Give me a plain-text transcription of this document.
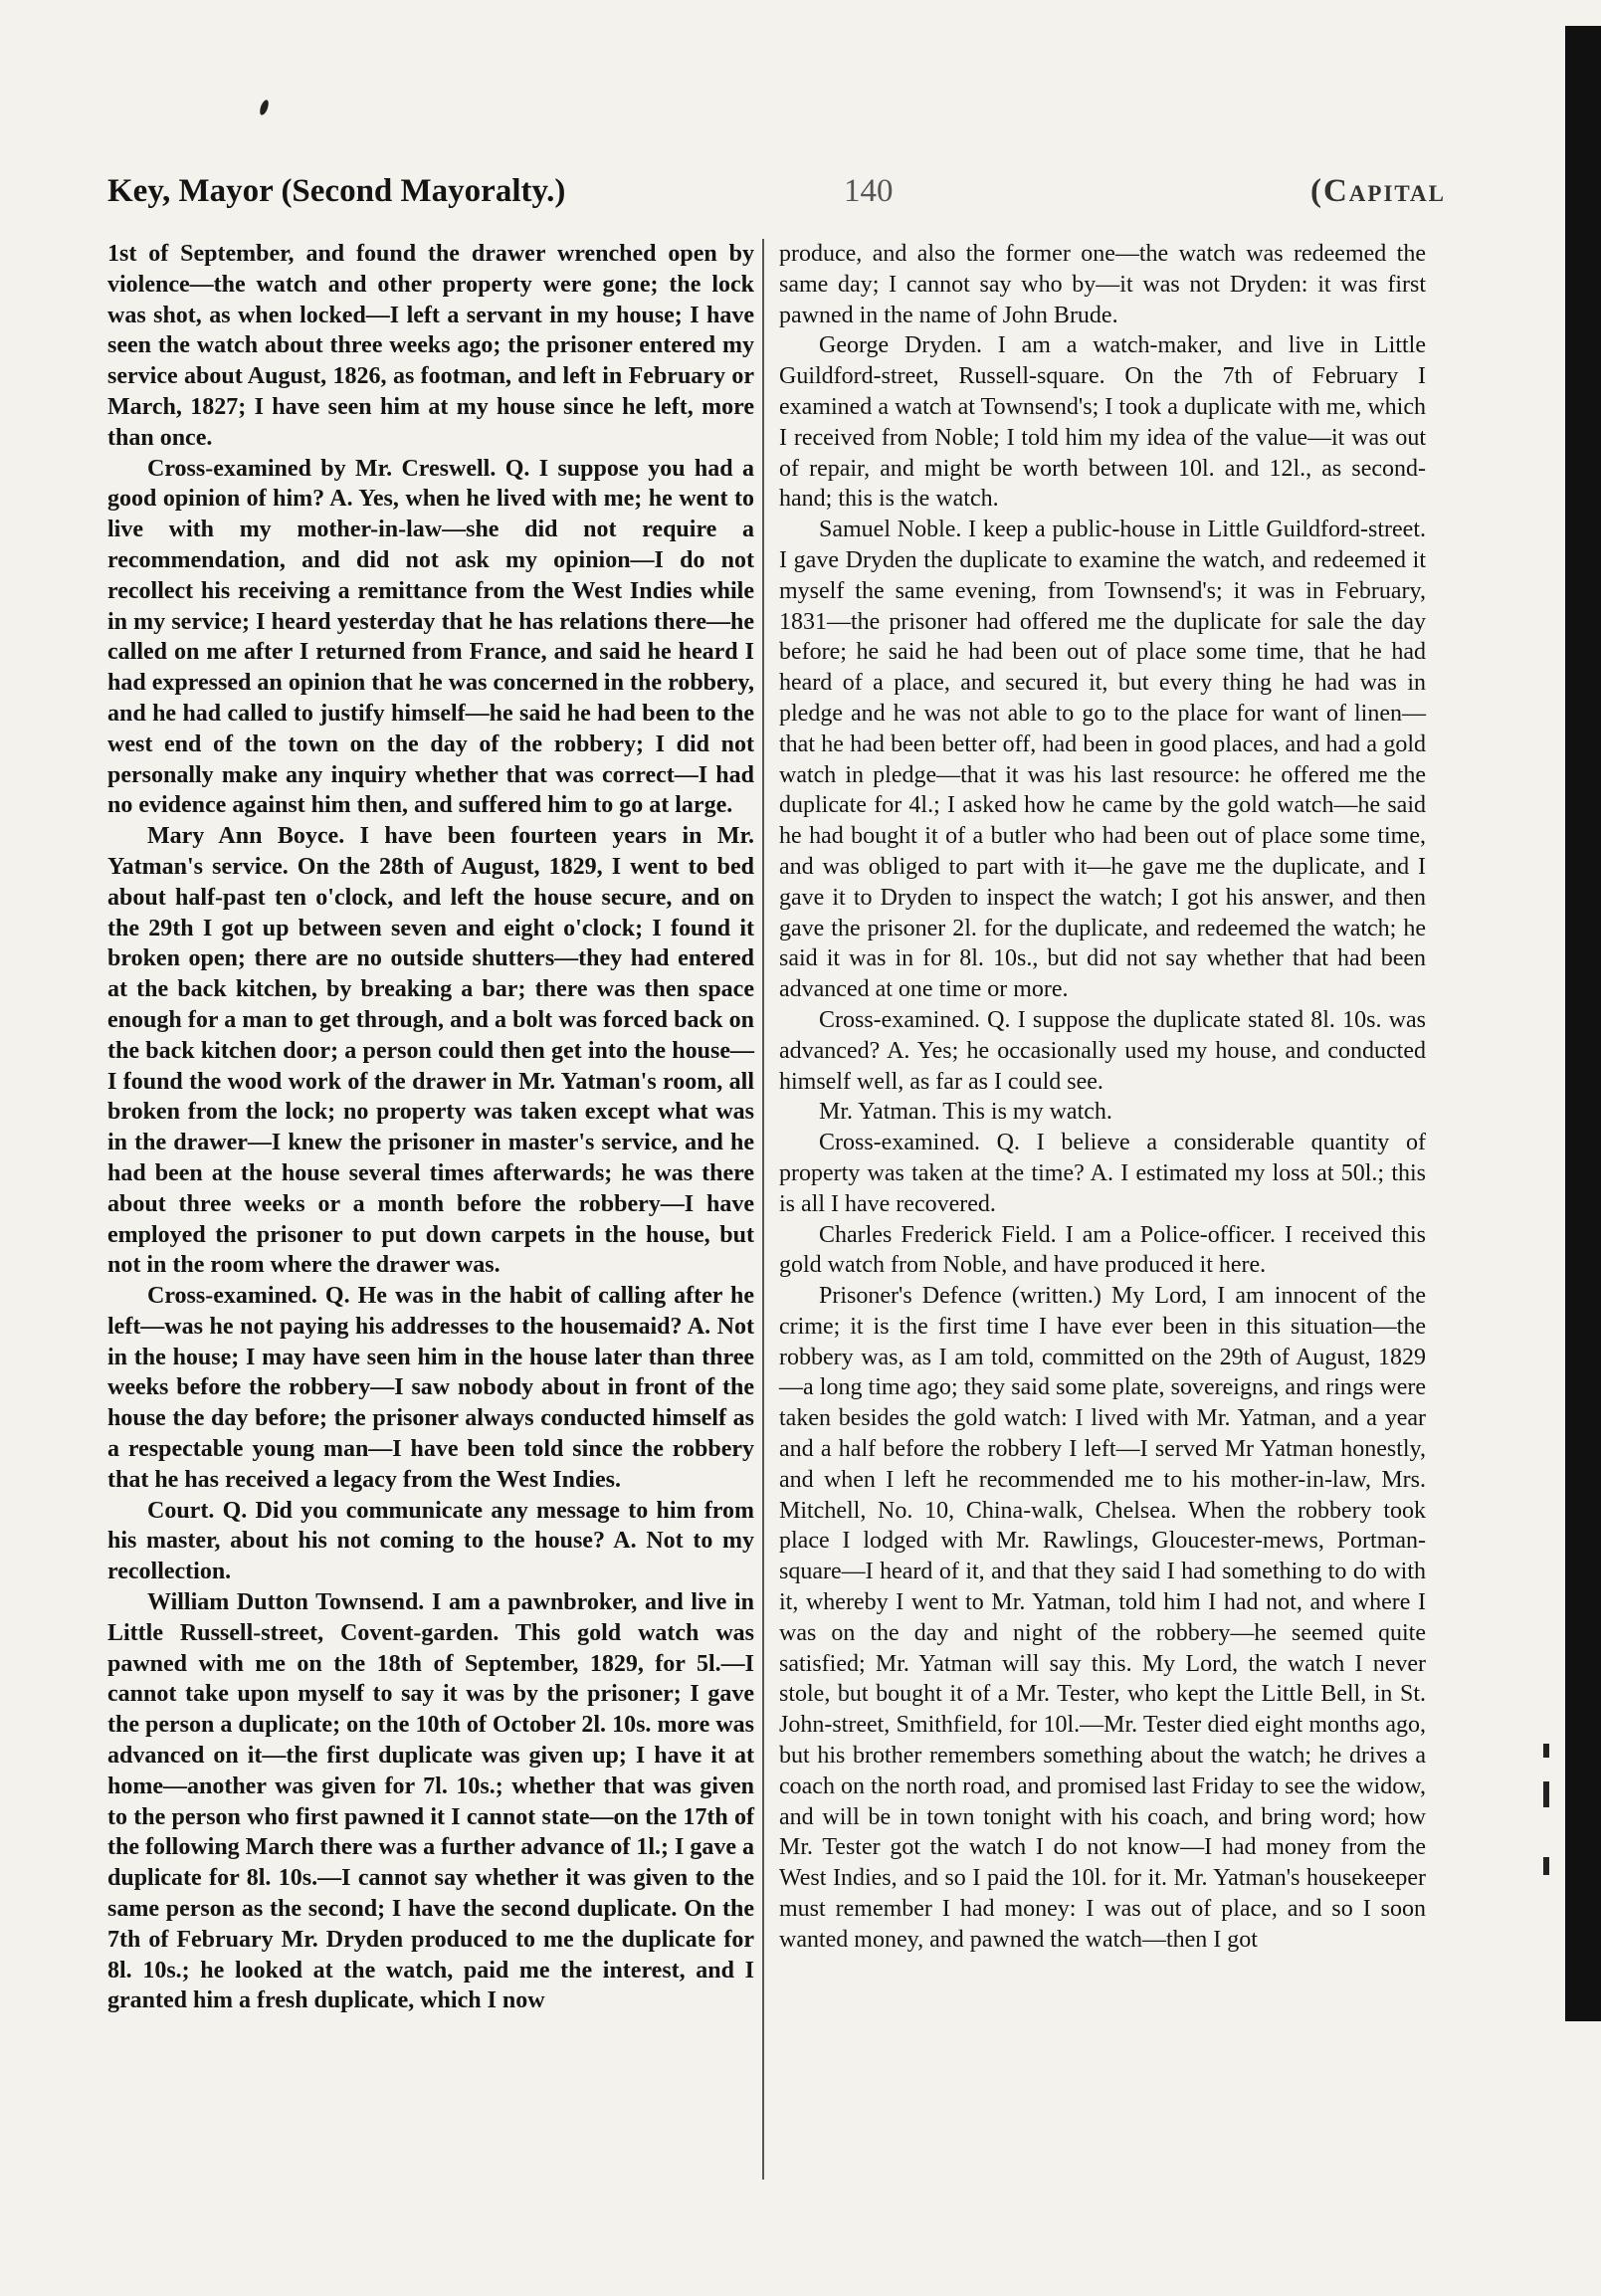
Key, Mayor (Second Mayoralty.)	140	(Capital

1st of September, and found the drawer wrenched open by violence—the watch and other property were gone; the lock was shot, as when locked—I left a servant in my house; I have seen the watch about three weeks ago; the prisoner entered my service about August, 1826, as footman, and left in February or March, 1827; I have seen him at my house since he left, more than once.

Cross-examined by Mr. Creswell. Q. I suppose you had a good opinion of him? A. Yes, when he lived with me; he went to live with my mother-in-law—she did not require a recommendation, and did not ask my opinion—I do not recollect his receiving a remittance from the West Indies while in my service; I heard yesterday that he has relations there—he called on me after I returned from France, and said he heard I had expressed an opinion that he was concerned in the robbery, and he had called to justify himself—he said he had been to the west end of the town on the day of the robbery; I did not personally make any inquiry whether that was correct—I had no evidence against him then, and suffered him to go at large.

Mary Ann Boyce. I have been fourteen years in Mr. Yatman's service. On the 28th of August, 1829, I went to bed about half-past ten o'clock, and left the house secure, and on the 29th I got up between seven and eight o'clock; I found it broken open; there are no outside shutters—they had entered at the back kitchen, by breaking a bar; there was then space enough for a man to get through, and a bolt was forced back on the back kitchen door; a person could then get into the house—I found the wood work of the drawer in Mr. Yatman's room, all broken from the lock; no property was taken except what was in the drawer—I knew the prisoner in master's service, and he had been at the house several times afterwards; he was there about three weeks or a month before the robbery—I have employed the prisoner to put down carpets in the house, but not in the room where the drawer was.

Cross-examined. Q. He was in the habit of calling after he left—was he not paying his addresses to the housemaid? A. Not in the house; I may have seen him in the house later than three weeks before the robbery—I saw nobody about in front of the house the day before; the prisoner always conducted himself as a respectable young man—I have been told since the robbery that he has received a legacy from the West Indies.

Court. Q. Did you communicate any message to him from his master, about his not coming to the house? A. Not to my recollection.

William Dutton Townsend. I am a pawnbroker, and live in Little Russell-street, Covent-garden. This gold watch was pawned with me on the 18th of September, 1829, for 5l.—I cannot take upon myself to say it was by the prisoner; I gave the person a duplicate; on the 10th of October 2l. 10s. more was advanced on it—the first duplicate was given up; I have it at home—another was given for 7l. 10s.; whether that was given to the person who first pawned it I cannot state—on the 17th of the following March there was a further advance of 1l.; I gave a duplicate for 8l. 10s.—I cannot say whether it was given to the same person as the second; I have the second duplicate. On the 7th of February Mr. Dryden produced to me the duplicate for 8l. 10s.; he looked at the watch, paid me the interest, and I granted him a fresh duplicate, which I now

produce, and also the former one—the watch was redeemed the same day; I cannot say who by—it was not Dryden: it was first pawned in the name of John Brude.

George Dryden. I am a watch-maker, and live in Little Guildford-street, Russell-square. On the 7th of February I examined a watch at Townsend's; I took a duplicate with me, which I received from Noble; I told him my idea of the value—it was out of repair, and might be worth between 10l. and 12l., as second-hand; this is the watch.

Samuel Noble. I keep a public-house in Little Guildford-street. I gave Dryden the duplicate to examine the watch, and redeemed it myself the same evening, from Townsend's; it was in February, 1831—the prisoner had offered me the duplicate for sale the day before; he said he had been out of place some time, that he had heard of a place, and secured it, but every thing he had was in pledge and he was not able to go to the place for want of linen—that he had been better off, had been in good places, and had a gold watch in pledge—that it was his last resource: he offered me the duplicate for 4l.; I asked how he came by the gold watch—he said he had bought it of a butler who had been out of place some time, and was obliged to part with it—he gave me the duplicate, and I gave it to Dryden to inspect the watch; I got his answer, and then gave the prisoner 2l. for the duplicate, and redeemed the watch; he said it was in for 8l. 10s., but did not say whether that had been advanced at one time or more.

Cross-examined. Q. I suppose the duplicate stated 8l. 10s. was advanced? A. Yes; he occasionally used my house, and conducted himself well, as far as I could see.

Mr. Yatman. This is my watch.

Cross-examined. Q. I believe a considerable quantity of property was taken at the time? A. I estimated my loss at 50l.; this is all I have recovered.

Charles Frederick Field. I am a Police-officer. I received this gold watch from Noble, and have produced it here.

Prisoner's Defence (written.) My Lord, I am innocent of the crime; it is the first time I have ever been in this situation—the robbery was, as I am told, committed on the 29th of August, 1829—a long time ago; they said some plate, sovereigns, and rings were taken besides the gold watch: I lived with Mr. Yatman, and a year and a half before the robbery I left—I served Mr Yatman honestly, and when I left he recommended me to his mother-in-law, Mrs. Mitchell, No. 10, China-walk, Chelsea. When the robbery took place I lodged with Mr. Rawlings, Gloucester-mews, Portman-square—I heard of it, and that they said I had something to do with it, whereby I went to Mr. Yatman, told him I had not, and where I was on the day and night of the robbery—he seemed quite satisfied; Mr. Yatman will say this. My Lord, the watch I never stole, but bought it of a Mr. Tester, who kept the Little Bell, in St. John-street, Smithfield, for 10l.—Mr. Tester died eight months ago, but his brother remembers something about the watch; he drives a coach on the north road, and promised last Friday to see the widow, and will be in town tonight with his coach, and bring word; how Mr. Tester got the watch I do not know—I had money from the West Indies, and so I paid the 10l. for it. Mr. Yatman's housekeeper must remember I had money: I was out of place, and so I soon wanted money, and pawned the watch—then I got
